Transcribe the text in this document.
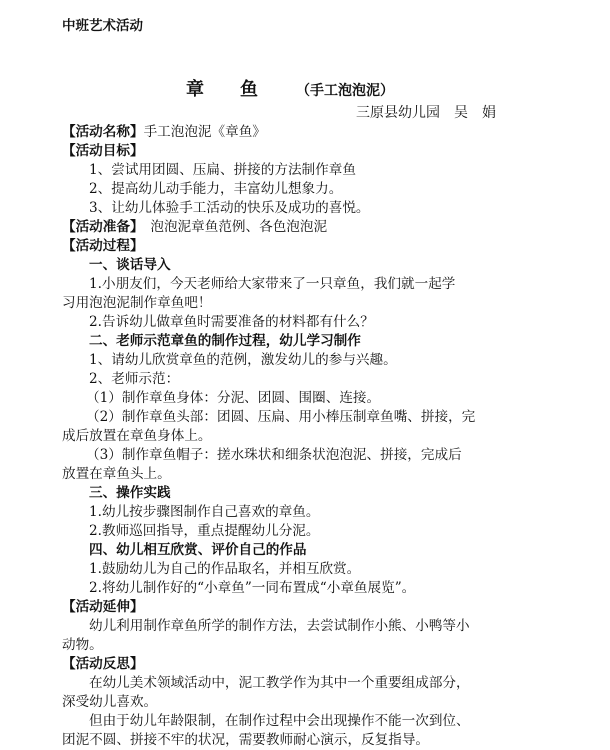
中班艺术活动
章　　鱼	（手工泡泡泥）
三原县幼儿园　吴　娟
【活动名称】手工泡泡泥《章鱼》
【活动目标】
1、尝试用团圆、压扁、拼接的方法制作章鱼
2、提高幼儿动手能力，丰富幼儿想象力。
3、让幼儿体验手工活动的快乐及成功的喜悦。
【活动准备】　泡泡泥章鱼范例、各色泡泡泥
【活动过程】
一、谈话导入
1.小朋友们，今天老师给大家带来了一只章鱼，我们就一起学
习用泡泡泥制作章鱼吧！
2.告诉幼儿做章鱼时需要准备的材料都有什么？
二、老师示范章鱼的制作过程，幼儿学习制作
1、请幼儿欣赏章鱼的范例，激发幼儿的参与兴趣。
2、老师示范：
（1）制作章鱼身体：分泥、团圆、围圈、连接。
（2）制作章鱼头部：团圆、压扁、用小棒压制章鱼嘴、拼接，完
成后放置在章鱼身体上。
（3）制作章鱼帽子：搓水珠状和细条状泡泡泥、拼接，完成后
放置在章鱼头上。
三、操作实践
1.幼儿按步骤图制作自己喜欢的章鱼。
2.教师巡回指导，重点提醒幼儿分泥。
四、幼儿相互欣赏、评价自己的作品
1.鼓励幼儿为自己的作品取名，并相互欣赏。
2.将幼儿制作好的“小章鱼”一同布置成“小章鱼展览”。
【活动延伸】
幼儿利用制作章鱼所学的制作方法，去尝试制作小熊、小鸭等小
动物。
【活动反思】
在幼儿美术领域活动中，泥工教学作为其中一个重要组成部分，
深受幼儿喜欢。
但由于幼儿年龄限制，在制作过程中会出现操作不能一次到位、
团泥不圆、拼接不牢的状况，需要教师耐心演示，反复指导。
